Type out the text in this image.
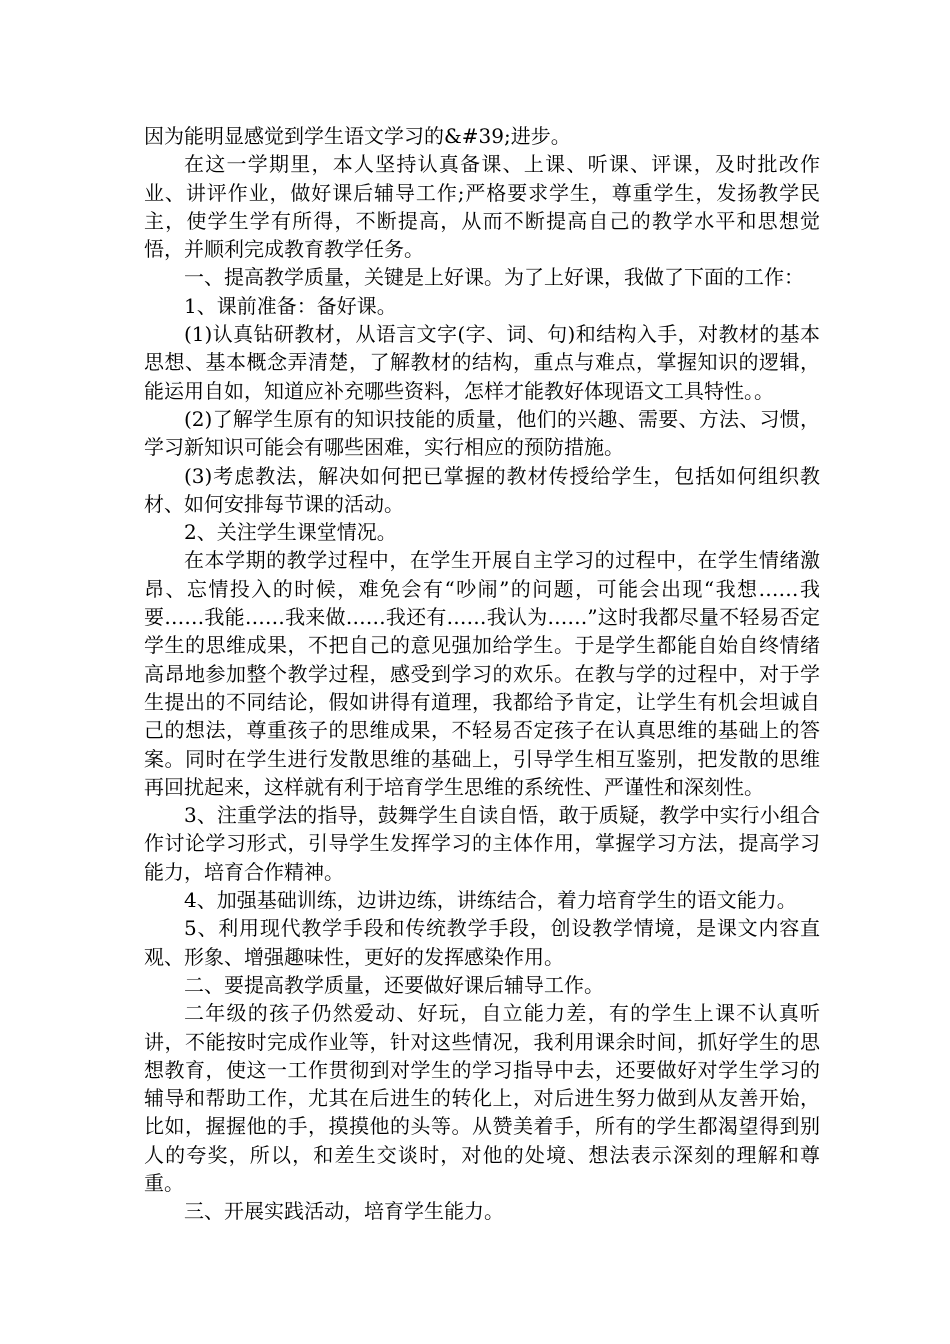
因为能明显感觉到学生语文学习的&#39;进步。

在这一学期里，本人坚持认真备课、上课、听课、评课，及时批改作业、讲评作业，做好课后辅导工作;严格要求学生，尊重学生，发扬教学民主，使学生学有所得，不断提高，从而不断提高自己的教学水平和思想觉悟，并顺利完成教育教学任务。

一、提高教学质量，关键是上好课。为了上好课，我做了下面的工作：

1、课前准备：备好课。

(1)认真钻研教材，从语言文字(字、词、句)和结构入手，对教材的基本思想、基本概念弄清楚，了解教材的结构，重点与难点，掌握知识的逻辑，能运用自如，知道应补充哪些资料，怎样才能教好体现语文工具特性。。

(2)了解学生原有的知识技能的质量，他们的兴趣、需要、方法、习惯，学习新知识可能会有哪些困难，实行相应的预防措施。

(3)考虑教法，解决如何把已掌握的教材传授给学生，包括如何组织教材、如何安排每节课的活动。

2、关注学生课堂情况。

在本学期的教学过程中，在学生开展自主学习的过程中，在学生情绪激昂、忘情投入的时候，难免会有“吵闹”的问题，可能会出现“我想……我要……我能……我来做……我还有……我认为……”这时我都尽量不轻易否定学生的思维成果，不把自己的意见强加给学生。于是学生都能自始自终情绪高昂地参加整个教学过程，感受到学习的欢乐。在教与学的过程中，对于学生提出的不同结论，假如讲得有道理，我都给予肯定，让学生有机会坦诚自己的想法，尊重孩子的思维成果，不轻易否定孩子在认真思维的基础上的答案。同时在学生进行发散思维的基础上，引导学生相互鉴别，把发散的思维再回扰起来，这样就有利于培育学生思维的系统性、严谨性和深刻性。

3、注重学法的指导，鼓舞学生自读自悟，敢于质疑，教学中实行小组合作讨论学习形式，引导学生发挥学习的主体作用，掌握学习方法，提高学习能力，培育合作精神。

4、加强基础训练，边讲边练，讲练结合，着力培育学生的语文能力。

5、利用现代教学手段和传统教学手段，创设教学情境，是课文内容直观、形象、增强趣味性，更好的发挥感染作用。

二、要提高教学质量，还要做好课后辅导工作。

二年级的孩子仍然爱动、好玩，自立能力差，有的学生上课不认真听讲，不能按时完成作业等，针对这些情况，我利用课余时间，抓好学生的思想教育，使这一工作贯彻到对学生的学习指导中去，还要做好对学生学习的辅导和帮助工作，尤其在后进生的转化上，对后进生努力做到从友善开始，比如，握握他的手，摸摸他的头等。从赞美着手，所有的学生都渴望得到别人的夸奖，所以，和差生交谈时，对他的处境、想法表示深刻的理解和尊重。

三、开展实践活动，培育学生能力。
